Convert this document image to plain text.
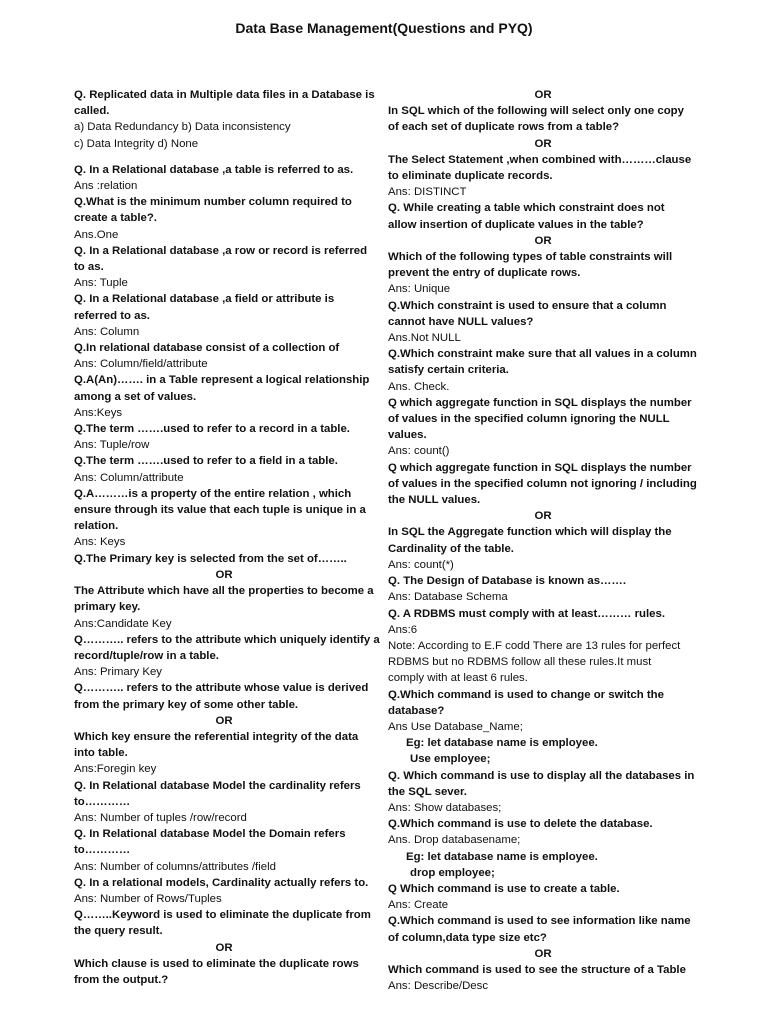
Data Base Management(Questions and PYQ)
Q. Replicated data in Multiple data files in a Database is
called.
a) Data Redundancy b) Data inconsistency
c) Data Integrity d) None
Q. In a Relational database ,a table is referred to as.
Ans :relation
Q.What is the minimum number column required to
create a table?.
Ans.One
Q. In a Relational database ,a row or record is referred
to as.
Ans: Tuple
Q. In a Relational database ,a field or attribute is
referred to as.
Ans: Column
Q.In relational database consist of a collection of
Ans: Column/field/attribute
Q.A(An)……. in a Table represent a logical relationship
among a set of values.
Ans:Keys
Q.The term …….used to refer to a record in a table.
Ans: Tuple/row
Q.The term …….used to refer to a field in a table.
Ans: Column/attribute
Q.A………is a property of the entire relation , which
ensure through its value that each tuple is unique in a
relation.
Ans: Keys
Q.The Primary key is selected from the set of……..
OR
The Attribute which have all the properties to become a
primary key.
Ans:Candidate Key
Q……….. refers to the attribute which uniquely identify a
record/tuple/row in a table.
Ans: Primary Key
Q……….. refers to the attribute whose value is derived
from the primary key of some other table.
OR
Which key ensure the referential integrity of the data
into table.
Ans:Foregin key
Q. In Relational database Model the cardinality refers
to…………
Ans: Number of tuples /row/record
Q. In Relational database Model the Domain refers
to…………
Ans: Number of columns/attributes /field
Q. In a relational models, Cardinality actually refers to.
Ans: Number of Rows/Tuples
Q……..Keyword is used to eliminate the duplicate from
the query result.
OR
Which clause is used to eliminate the duplicate rows
from the output.?
OR
In SQL which of the following will select only one copy
of each set of duplicate rows from a table?
OR
The Select Statement ,when combined with………clause
to eliminate duplicate records.
Ans: DISTINCT
Q. While creating a table which constraint does not
allow insertion of duplicate values in the table?
OR
Which of the following types of table constraints will
prevent the entry of duplicate rows.
Ans: Unique
Q.Which constraint is used to ensure that a column
cannot have NULL values?
Ans.Not NULL
Q.Which constraint make sure that all values in a column
satisfy certain criteria.
Ans. Check.
Q which aggregate function in SQL displays the number
of values in the specified column ignoring the NULL
values.
Ans: count()
Q which aggregate function in SQL displays the number
of values in the specified column not ignoring / including
the NULL values.
OR
In SQL the Aggregate function which will display the
Cardinality of the table.
Ans: count(*)
Q. The Design of Database is known as…….
Ans: Database Schema
Q. A RDBMS must comply with at least……… rules.
Ans:6
Note: According to E.F codd There are 13 rules for perfect
RDBMS but no RDBMS follow all these rules.It must
comply with at least 6 rules.
Q.Which command is used to change or switch the
database?
Ans Use Database_Name;
Eg: let database name is employee.
Use employee;
Q. Which command is use to display all the databases in
the SQL sever.
Ans: Show databases;
Q.Which command is use to delete the database.
Ans. Drop databasename;
Eg: let database name is employee.
drop employee;
Q Which command is use to create a table.
Ans: Create
Q.Which command is used to see information like name
of column,data type size etc?
OR
Which command is used to see the structure of a Table
Ans: Describe/Desc
